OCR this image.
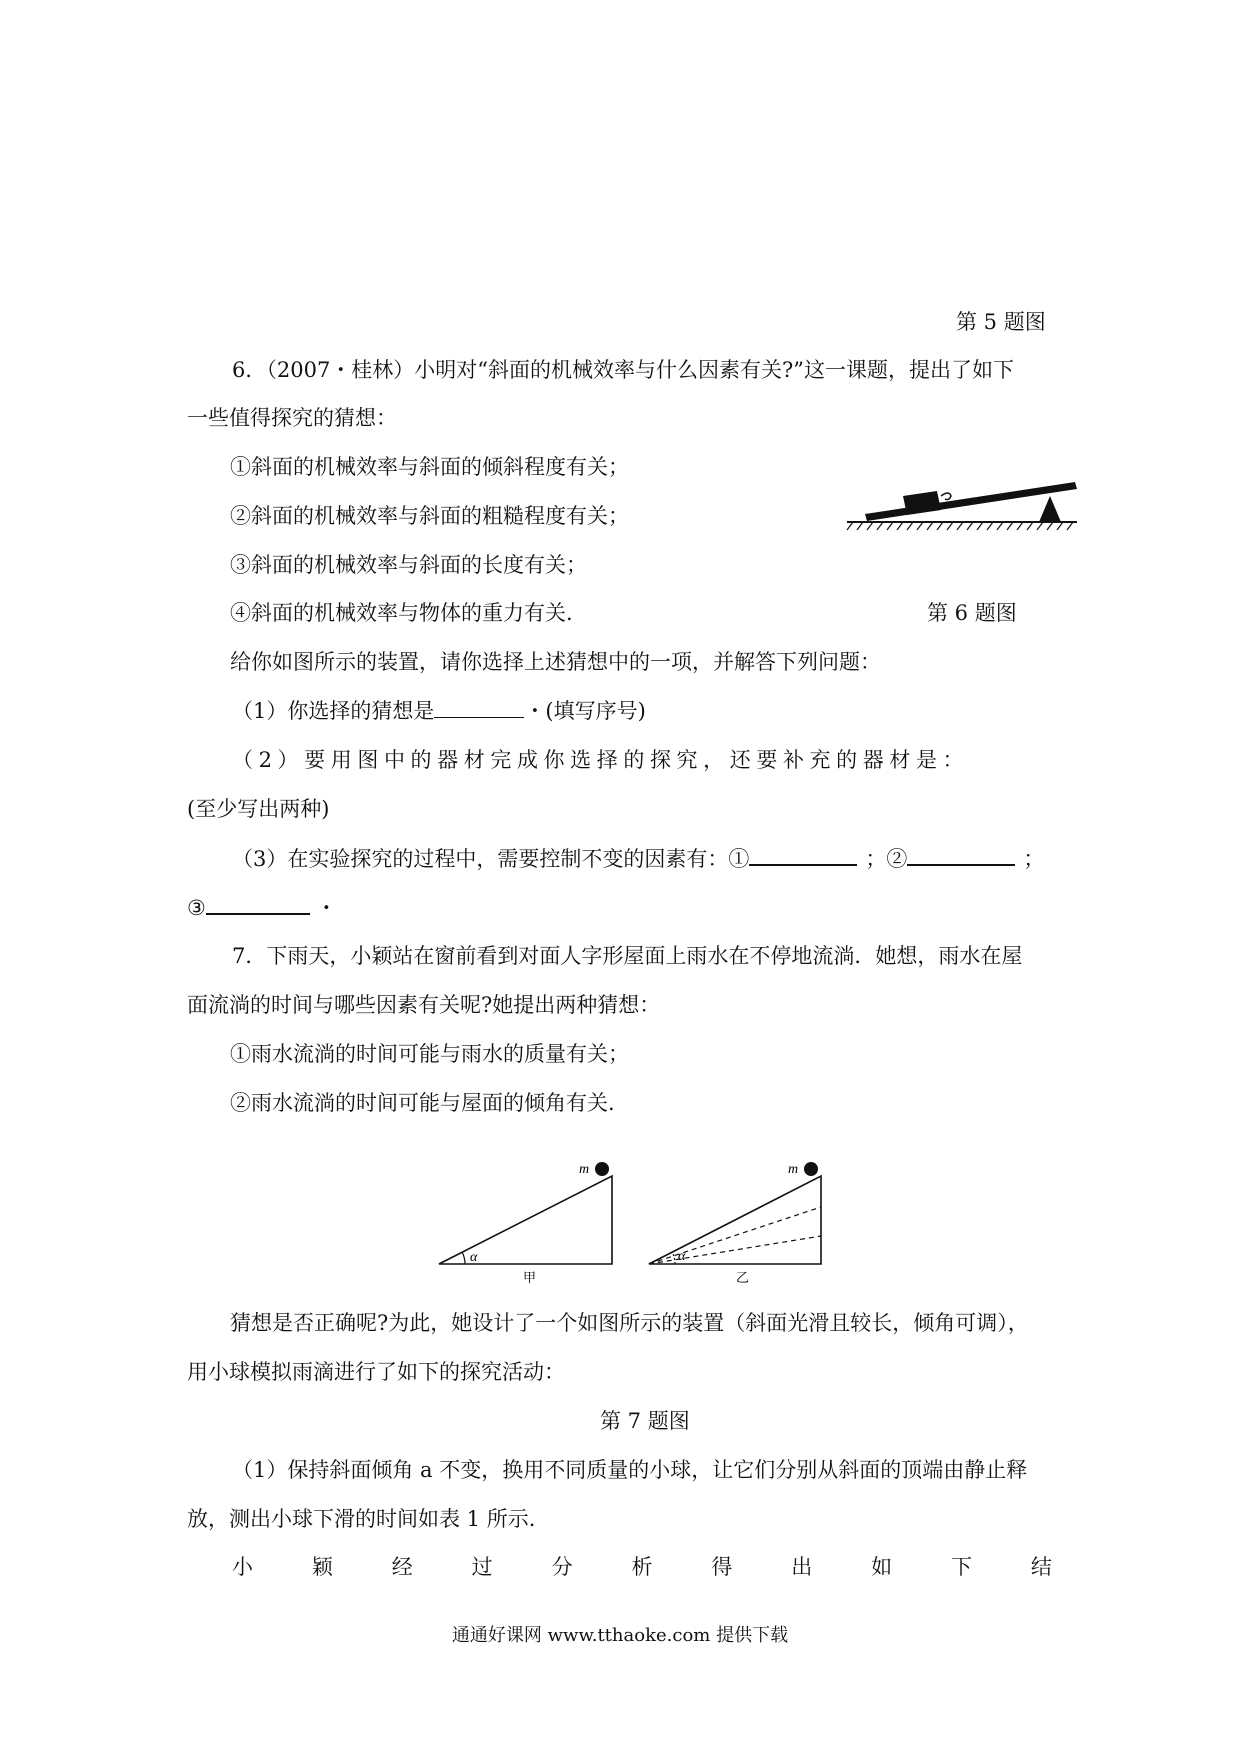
第 5 题图
6．（2007・桂林）小明对“斜面的机械效率与什么因素有关?”这一课题，提出了如下
一些值得探究的猜想：
①斜面的机械效率与斜面的倾斜程度有关；
②斜面的机械效率与斜面的粗糙程度有关；
③斜面的机械效率与斜面的长度有关；
④斜面的机械效率与物体的重力有关.	第 6 题图
给你如图所示的装置，请你选择上述猜想中的一项，并解答下列问题：
（1）你选择的猜想是	・(填写序号)
（2）要用图中的器材完成你选择的探究，还要补充的器材是：
(至少写出两种)
（3）在实验探究的过程中，需要控制不变的因素有：①	；②	；
③	・
7．下雨天，小颖站在窗前看到对面人字形屋面上雨水在不停地流淌．她想，雨水在屋
面流淌的时间与哪些因素有关呢?她提出两种猜想：
①雨水流淌的时间可能与雨水的质量有关；
②雨水流淌的时间可能与屋面的倾角有关.
m
α
甲
m
α
乙
猜想是否正确呢?为此，她设计了一个如图所示的装置（斜面光滑且较长，倾角可调），
用小球模拟雨滴进行了如下的探究活动：
第 7 题图
（1）保持斜面倾角 a 不变，换用不同质量的小球，让它们分别从斜面的顶端由静止释
放，测出小球下滑的时间如表 1 所示.
小	颖	经	过	分	析	得	出	如	下	结
通通好课网 www.tthaoke.com 提供下载
